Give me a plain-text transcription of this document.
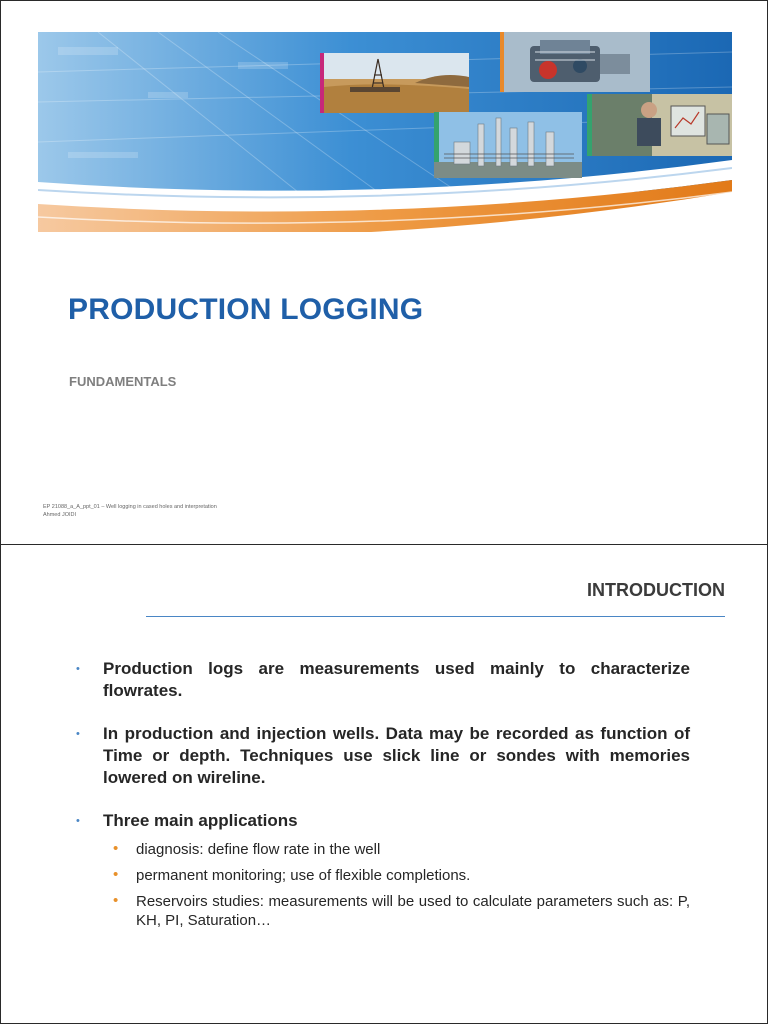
PRODUCTION LOGGING
FUNDAMENTALS
EP 21088_a_A_ppt_01 – Well logging in cased holes and interpretation
Ahmed JOIDI
INTRODUCTION
• Production logs are measurements used mainly to characterize flowrates.
• In production and injection wells. Data may be recorded as function of Time or depth. Techniques use slick line or sondes with memories lowered on wireline.
• Three main applications
• diagnosis: define flow rate in the well
• permanent monitoring; use of flexible completions.
• Reservoirs studies: measurements will be used to calculate parameters such as: P, KH, PI, Saturation…
